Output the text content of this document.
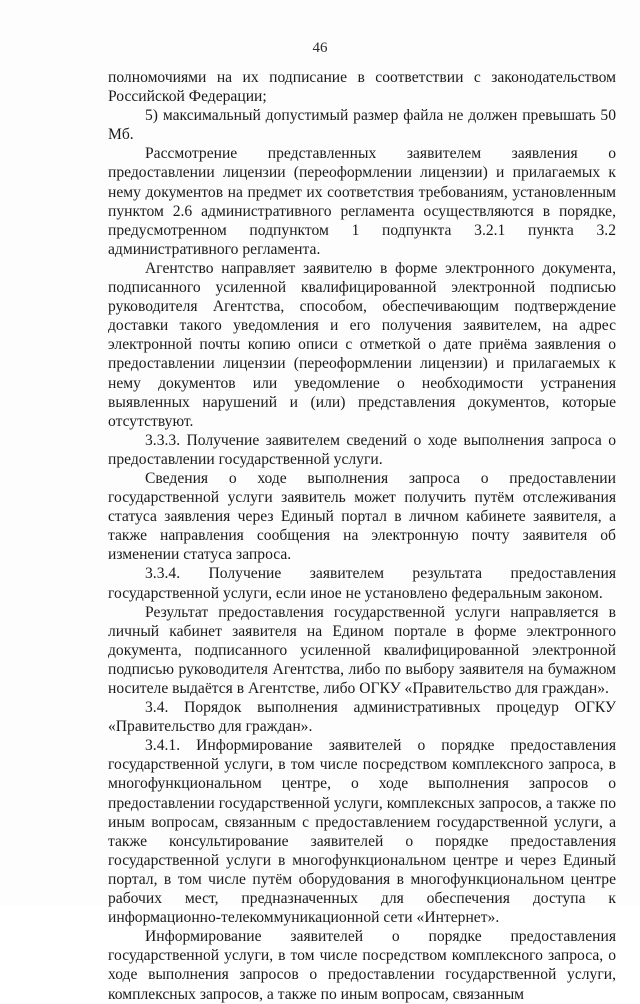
46

полномочиями на их подписание в соответствии с законодательством Российской Федерации;

5) максимальный допустимый размер файла не должен превышать 50 Мб.

Рассмотрение представленных заявителем заявления о предоставлении лицензии (переоформлении лицензии) и прилагаемых к нему документов на предмет их соответствия требованиям, установленным пунктом 2.6 административного регламента осуществляются в порядке, предусмотренном подпунктом 1 подпункта 3.2.1 пункта 3.2 административного регламента.

Агентство направляет заявителю в форме электронного документа, подписанного усиленной квалифицированной электронной подписью руководителя Агентства, способом, обеспечивающим подтверждение доставки такого уведомления и его получения заявителем, на адрес электронной почты копию описи с отметкой о дате приёма заявления о предоставлении лицензии (переоформлении лицензии) и прилагаемых к нему документов или уведомление о необходимости устранения выявленных нарушений и (или) представления документов, которые отсутствуют.

3.3.3. Получение заявителем сведений о ходе выполнения запроса о предоставлении государственной услуги.

Сведения о ходе выполнения запроса о предоставлении государственной услуги заявитель может получить путём отслеживания статуса заявления через Единый портал в личном кабинете заявителя, а также направления сообщения на электронную почту заявителя об изменении статуса запроса.

3.3.4. Получение заявителем результата предоставления государственной услуги, если иное не установлено федеральным законом.

Результат предоставления государственной услуги направляется в личный кабинет заявителя на Едином портале в форме электронного документа, подписанного усиленной квалифицированной электронной подписью руководителя Агентства, либо по выбору заявителя на бумажном носителе выдаётся в Агентстве, либо ОГКУ «Правительство для граждан».

3.4. Порядок выполнения административных процедур ОГКУ «Правительство для граждан».

3.4.1. Информирование заявителей о порядке предоставления государственной услуги, в том числе посредством комплексного запроса, в многофункциональном центре, о ходе выполнения запросов о предоставлении государственной услуги, комплексных запросов, а также по иным вопросам, связанным с предоставлением государственной услуги, а также консультирование заявителей о порядке предоставления государственной услуги в многофункциональном центре и через Единый портал, в том числе путём оборудования в многофункциональном центре рабочих мест, предназначенных для обеспечения доступа к информационно-телекоммуникационной сети «Интернет».

Информирование заявителей о порядке предоставления государственной услуги, в том числе посредством комплексного запроса, о ходе выполнения запросов о предоставлении государственной услуги, комплексных запросов, а также по иным вопросам, связанным
